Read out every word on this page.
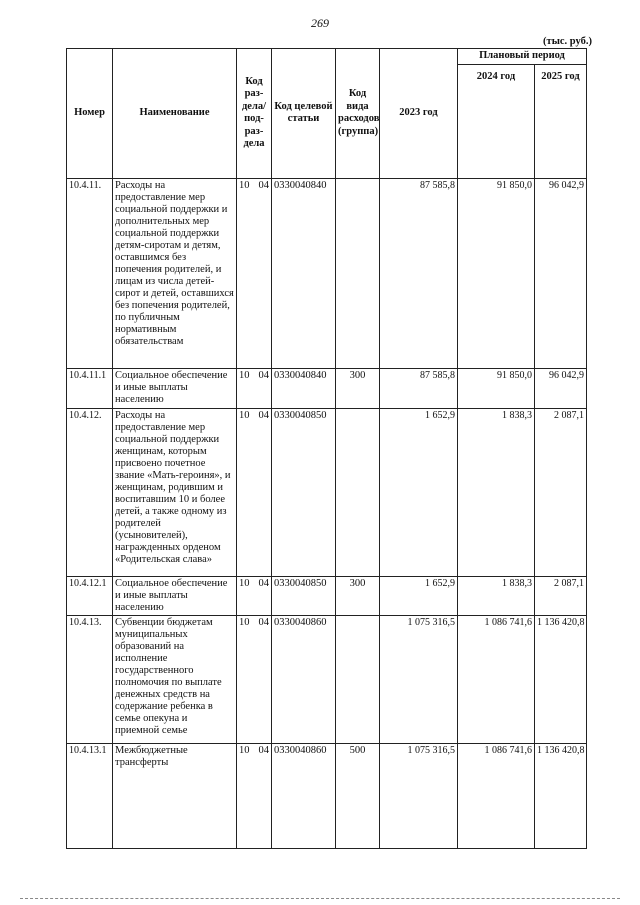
269
(тыс. руб.)
Номер	Наименование	Код раз-дела/ под-раз-дела	Код целевой статьи	Код вида расходов (группа)	2023 год	Плановый период	
						2024 год	2025 год
10.4.11.	Расходы на предоставление мер социальной поддержки и дополнительных мер социальной поддержки детям-сиротам и детям, оставшимся без попечения родителей, и лицам из числа детей-сирот и детей, оставшихся без попечения родителей, по публичным нормативным обязательствам	10 04	0330040840		87 585,8	91 850,0	96 042,9
10.4.11.1	Социальное обеспечение и иные выплаты населению	10 04	0330040840	300	87 585,8	91 850,0	96 042,9
10.4.12.	Расходы на предоставление мер социальной поддержки женщинам, которым присвоено почетное звание «Мать-героиня», и женщинам, родившим и воспитавшим 10 и более детей, а также одному из родителей (усыновителей), награжденных орденом «Родительская слава»	10 04	0330040850		1 652,9	1 838,3	2 087,1
10.4.12.1	Социальное обеспечение и иные выплаты населению	10 04	0330040850	300	1 652,9	1 838,3	2 087,1
10.4.13.	Субвенции бюджетам муниципальных образований на исполнение государственного полномочия по выплате денежных средств на содержание ребенка в семье опекуна и приемной семье	10 04	0330040860		1 075 316,5	1 086 741,6	1 136 420,8
10.4.13.1	Межбюджетные трансферты	10 04	0330040860	500	1 075 316,5	1 086 741,6	1 136 420,8
